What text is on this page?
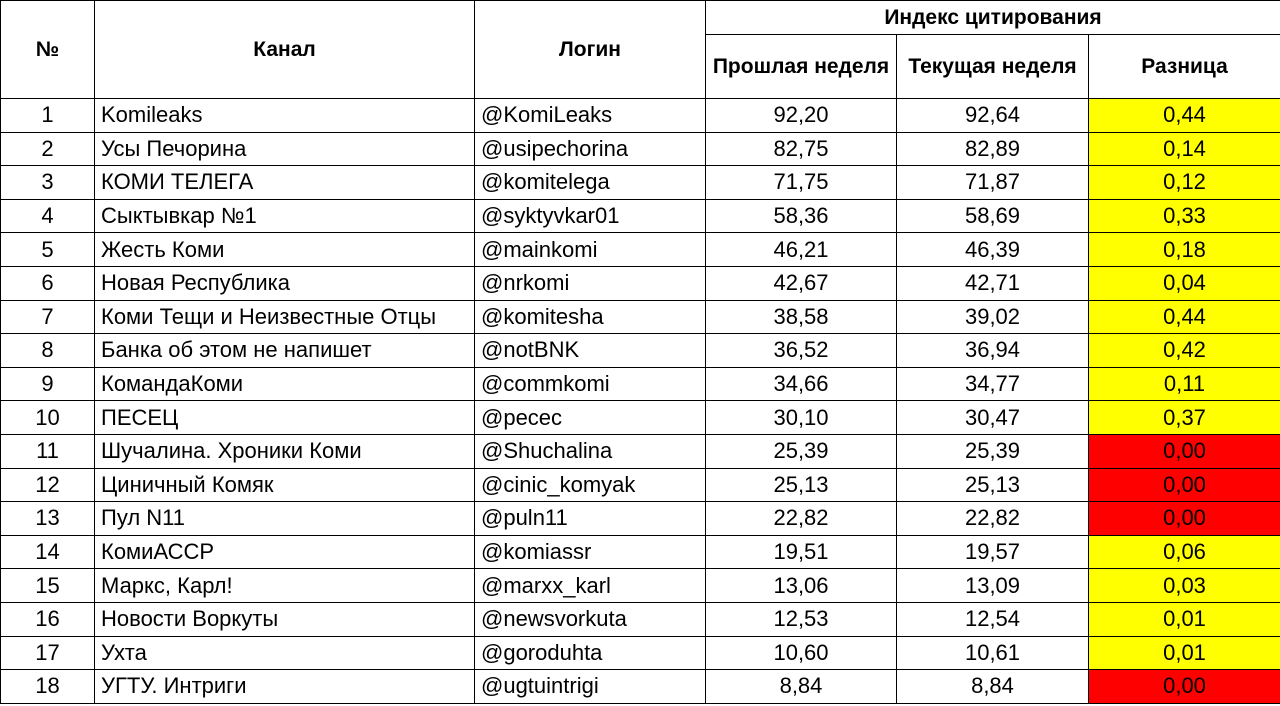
№	Канал	Логин	Индекс цитирования		
			Прошлая неделя	Текущая неделя	Разница
1	Komileaks	@KomiLeaks	92,20	92,64	0,44
2	Усы Печорина	@usipechorina	82,75	82,89	0,14
3	КОМИ ТЕЛЕГА	@komitelega	71,75	71,87	0,12
4	Сыктывкар №1	@syktyvkar01	58,36	58,69	0,33
5	Жесть Коми	@mainkomi	46,21	46,39	0,18
6	Новая Республика	@nrkomi	42,67	42,71	0,04
7	Коми Тещи и Неизвестные Отцы	@komitesha	38,58	39,02	0,44
8	Банка об этом не напишет	@notBNK	36,52	36,94	0,42
9	КомандаКоми	@commkomi	34,66	34,77	0,11
10	ПЕСЕЦ	@pecec	30,10	30,47	0,37
11	Шучалина. Хроники Коми	@Shuchalina	25,39	25,39	0,00
12	Циничный Комяк	@cinic_komyak	25,13	25,13	0,00
13	Пул N11	@puln11	22,82	22,82	0,00
14	КомиАССР	@komiassr	19,51	19,57	0,06
15	Маркс, Карл!	@marxx_karl	13,06	13,09	0,03
16	Новости Воркуты	@newsvorkuta	12,53	12,54	0,01
17	Ухта	@goroduhta	10,60	10,61	0,01
18	УГТУ. Интриги	@ugtuintrigi	8,84	8,84	0,00
